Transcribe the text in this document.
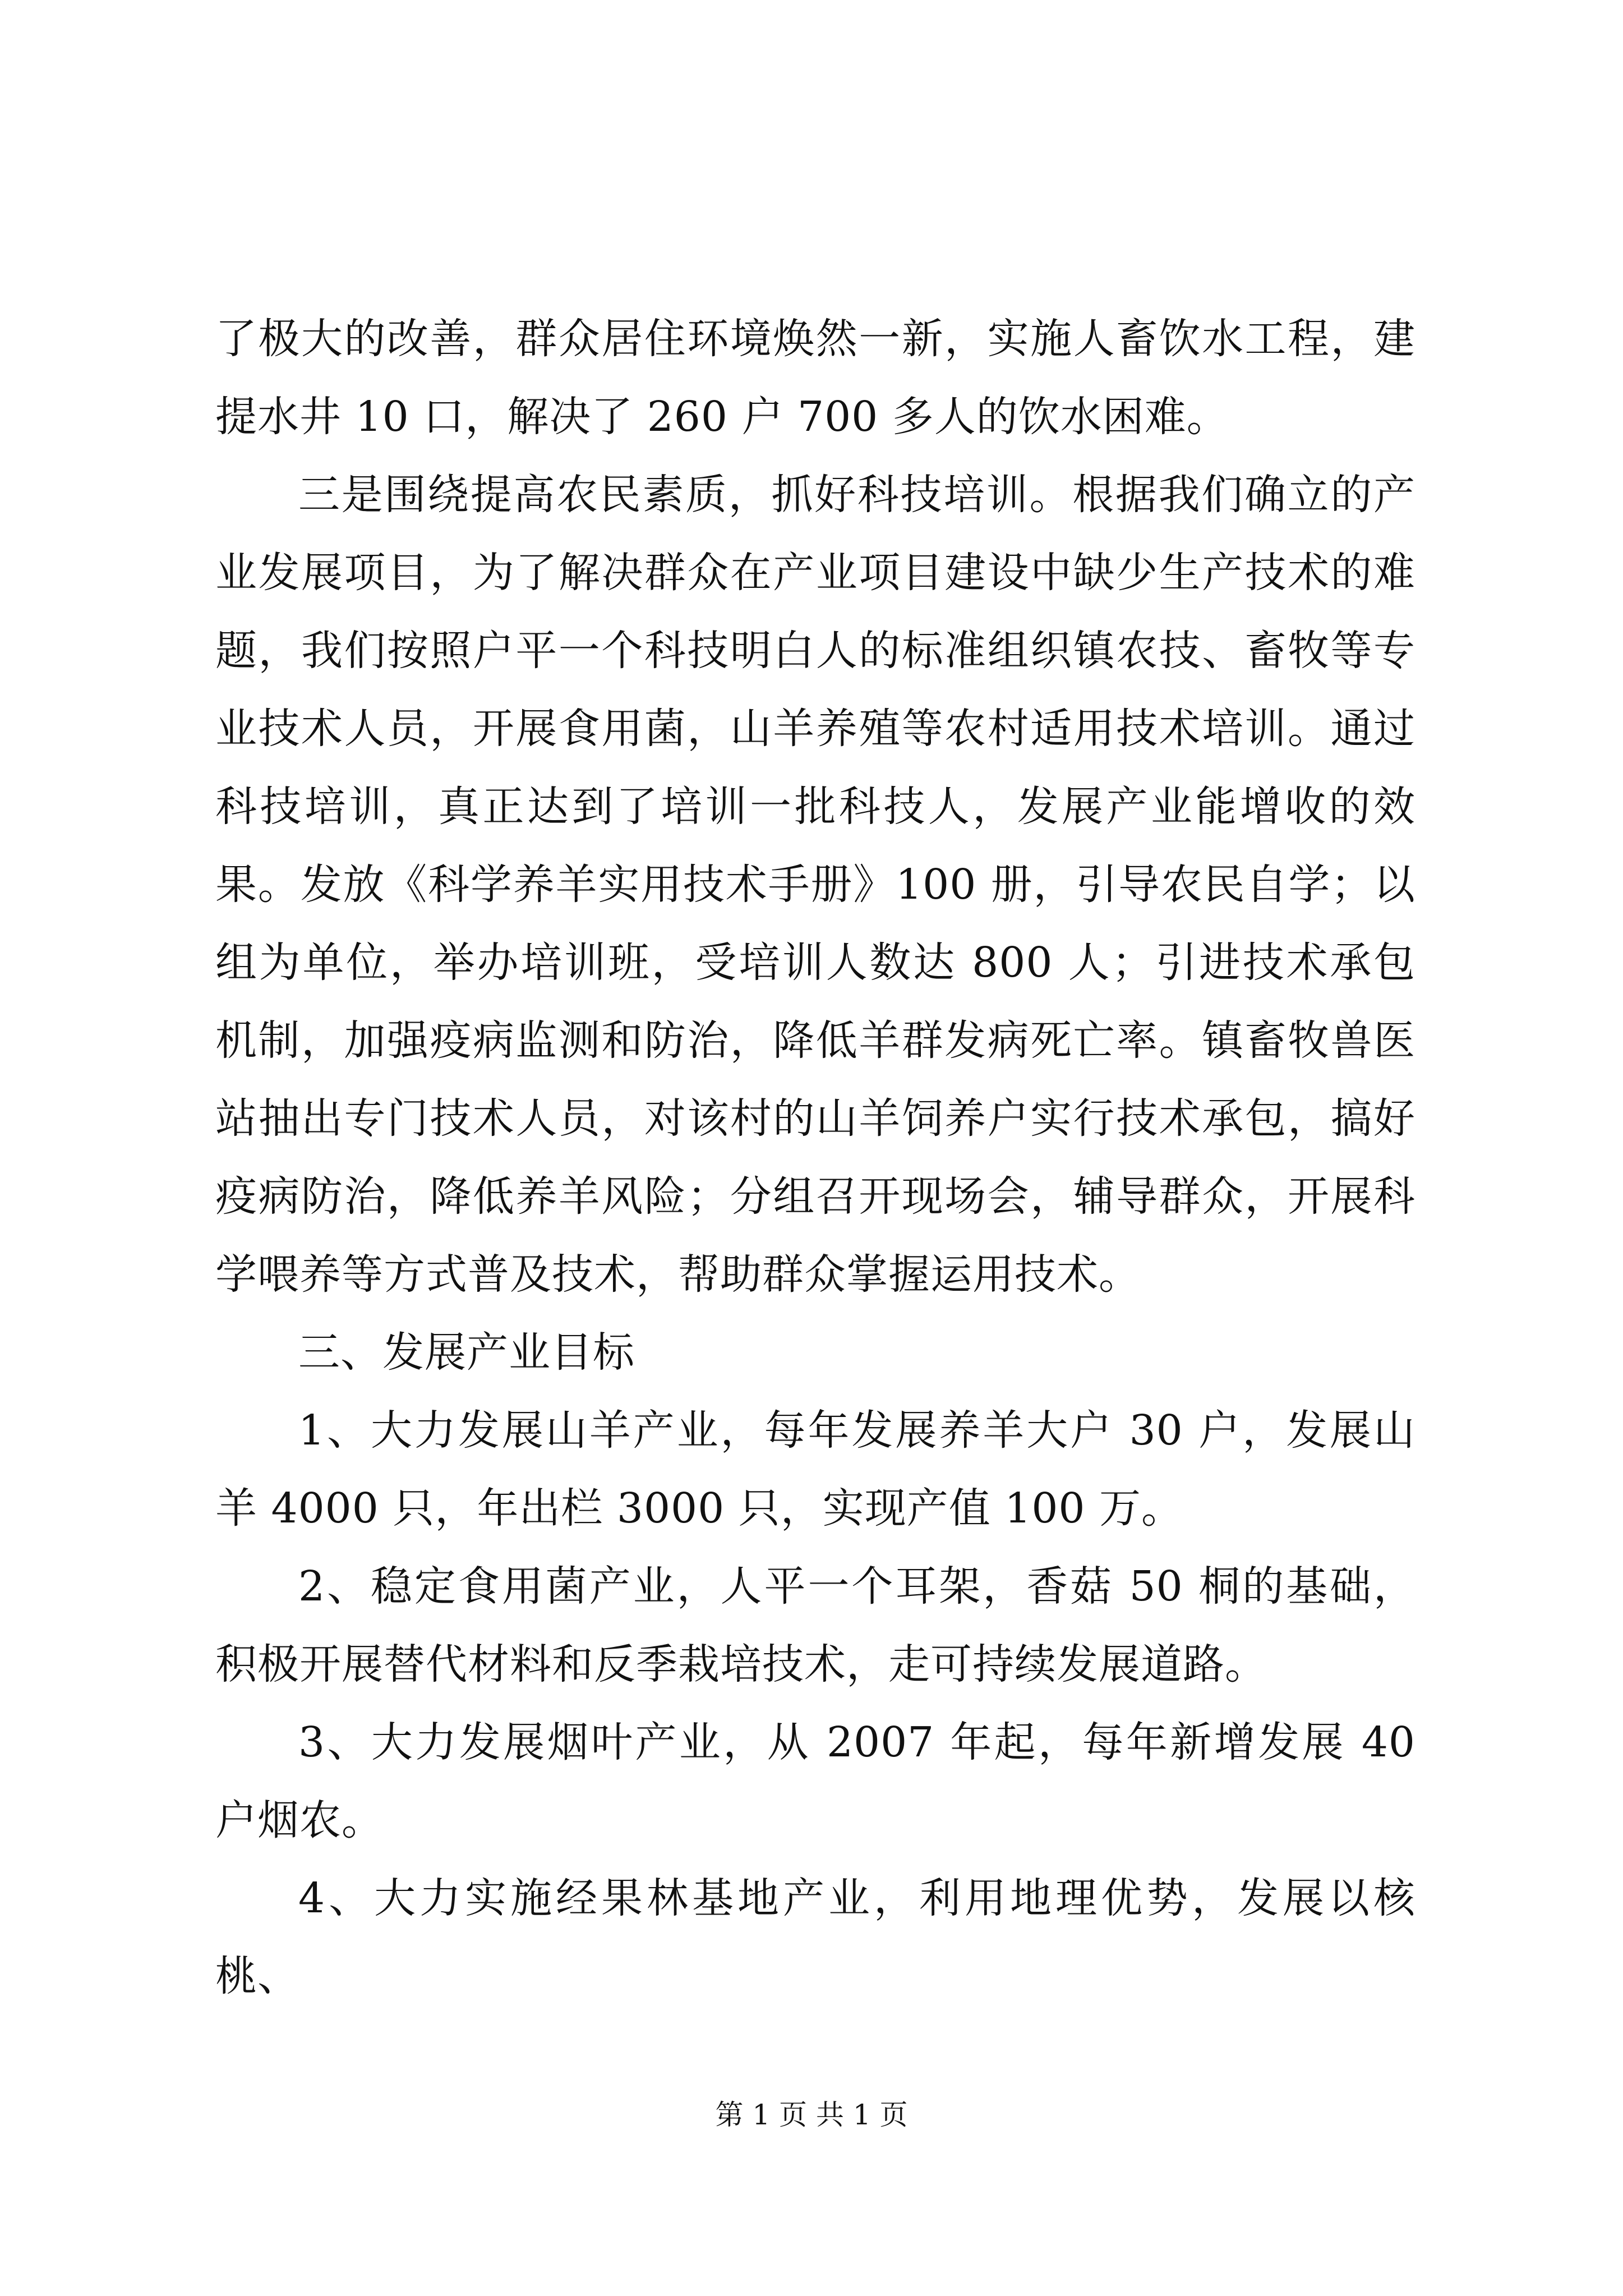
了极大的改善，群众居住环境焕然一新，实施人畜饮水工程，建提水井 10 口，解决了 260 户 700 多人的饮水困难。

三是围绕提高农民素质，抓好科技培训。根据我们确立的产业发展项目，为了解决群众在产业项目建设中缺少生产技术的难题，我们按照户平一个科技明白人的标准组织镇农技、畜牧等专业技术人员，开展食用菌，山羊养殖等农村适用技术培训。通过科技培训，真正达到了培训一批科技人，发展产业能增收的效果。发放《科学养羊实用技术手册》100 册，引导农民自学；以组为单位，举办培训班，受培训人数达 800 人；引进技术承包机制，加强疫病监测和防治，降低羊群发病死亡率。镇畜牧兽医站抽出专门技术人员，对该村的山羊饲养户实行技术承包，搞好疫病防治，降低养羊风险；分组召开现场会，辅导群众，开展科学喂养等方式普及技术，帮助群众掌握运用技术。

三、发展产业目标

1、大力发展山羊产业，每年发展养羊大户 30 户，发展山羊 4000 只，年出栏 3000 只，实现产值 100 万。

2、稳定食用菌产业，人平一个耳架，香菇 50 桐的基础，积极开展替代材料和反季栽培技术，走可持续发展道路。

3、大力发展烟叶产业，从 2007 年起，每年新增发展 40 户烟农。

4、大力实施经果林基地产业，利用地理优势，发展以核桃、

第 1 页 共 1 页
